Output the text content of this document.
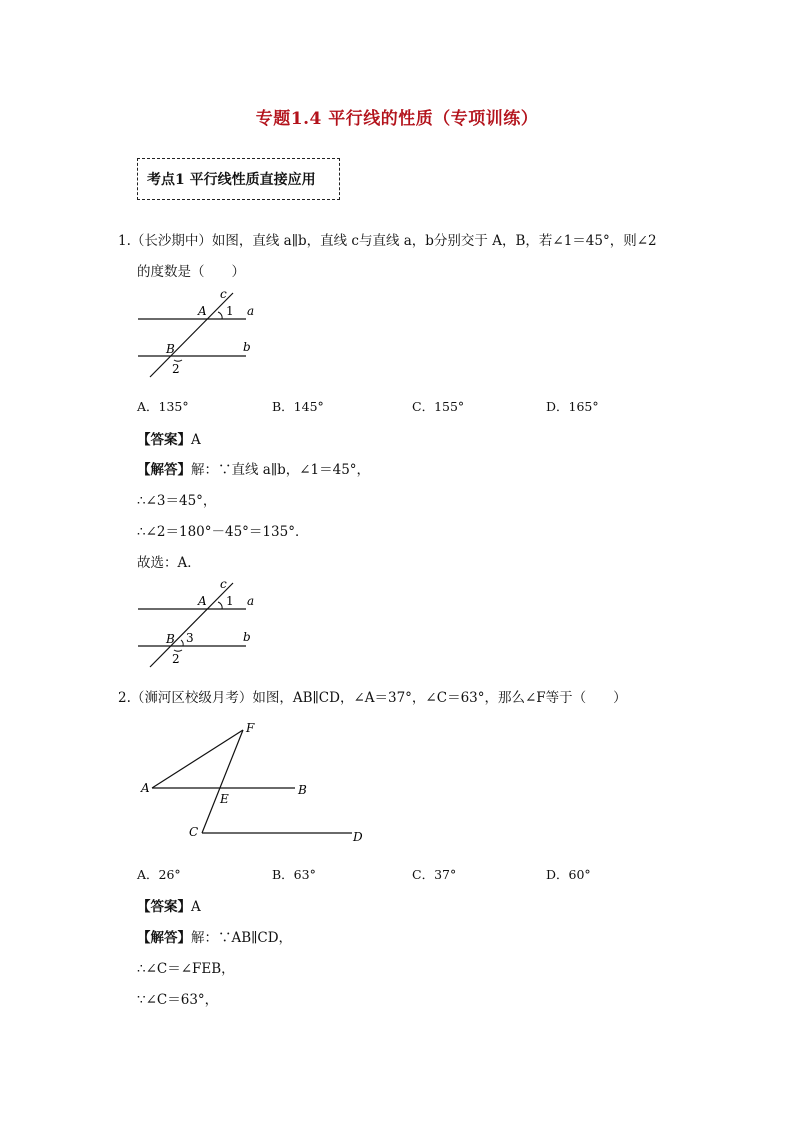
专题1.4 平行线的性质（专项训练）
考点1 平行线性质直接应用
1.（长沙期中）如图，直线 a∥b，直线 c与直线 a，b分别交于 A，B，若∠1＝45°，则∠2
的度数是（　　）
c
a
b
A
B
1
2
A．135°	B．145°	C．155°	D．165°
【答案】A
【解答】解：∵直线 a∥b，∠1＝45°，
∴∠3＝45°，
∴∠2＝180°－45°＝135°．
故选：A．
c
a
b
A
B
1
3
2
2.（浉河区校级月考）如图，AB∥CD，∠A＝37°，∠C＝63°，那么∠F等于（　　）
F
A	B
E
C	D
A．26°	B．63°	C．37°	D．60°
【答案】A
【解答】解：∵AB∥CD，
∴∠C＝∠FEB，
∵∠C＝63°，
